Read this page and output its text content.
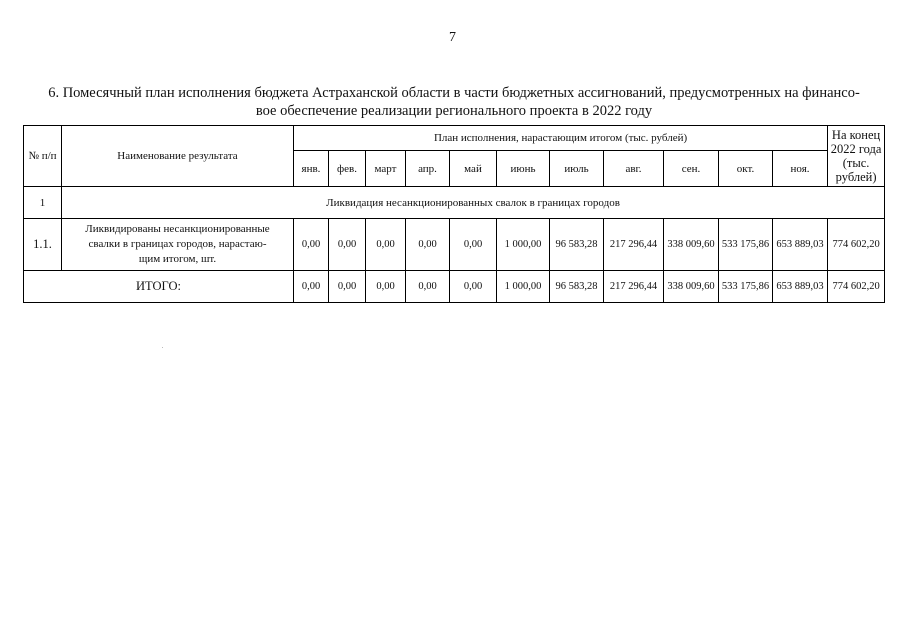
7
6. Помесячный план исполнения бюджета Астраханской области в части бюджетных ассигнований, предусмотренных на финансо-
вое обеспечение реализации регионального проекта в 2022 году
№ п/п	Наименование результата	План исполнения, нарастающим итогом (тыс. рублей)											На конец
2022 года
(тыс.
рублей)

		янв.	фев.	март	апр.	май	июнь	июль	авг.	сен.	окт.	ноя.	
1	Ликвидация несанкционированных свалок в границах городов												
1.1.	Ликвидированы несанкционированные
свалки в границах городов, нарастаю-
щим итогом, шт.	0,00	0,00	0,00	0,00	0,00	1 000,00	96 583,28	217 296,44	338 009,60	533 175,86	653 889,03	774 602,20
ИТОГО:		0,00	0,00	0,00	0,00	0,00	1 000,00	96 583,28	217 296,44	338 009,60	533 175,86	653 889,03	774 602,20
